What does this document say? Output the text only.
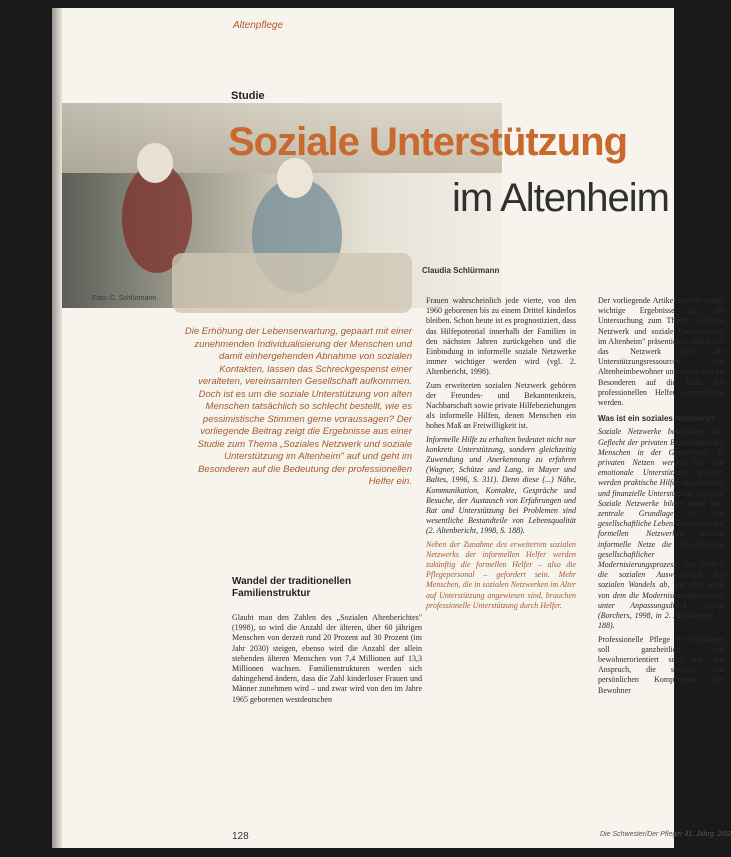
Foto: C. Schlürmann
Altenpflege
Studie
Soziale Unterstützung
im Altenheim
Claudia Schlürmann
Die Erhöhung der Lebenserwartung, gepaart mit einer zunehmenden Individualisierung der Menschen und damit einhergehenden Abnahme von sozialen Kontakten, lassen das Schreckgespenst einer veralteten, vereinsamten Gesellschaft aufkommen. Doch ist es um die soziale Unterstützung von alten Menschen tatsächlich so schlecht bestellt, wie es pessimistische Stimmen gerne voraussagen? Der vorliegende Beitrag zeigt die Ergebnisse aus einer Studie zum Thema „Soziales Netzwerk und soziale Unterstützung im Altenheim" auf und geht im Besonderen auf die Bedeutung der professionellen Helfer ein.
Wandel der traditionellen Familienstruktur

Glaubt man den Zahlen des „Sozialen Altenberichtes" (1998), so wird die Anzahl der älteren, über 60 jährigen Menschen von derzeit rund 20 Prozent auf 30 Prozent (im Jahr 2030) steigen, ebenso wird die Anzahl der allein stehenden älteren Menschen von 7,4 Millionen auf 13,3 Millionen wachsen. Familienstrukturen werden sich dahingehend ändern, dass die Zahl kinderloser Frauen und Männer zunehmen wird – und zwar wird von den im Jahre 1965 geborenen westdeutschen

Frauen wahrscheinlich jede vierte, von den 1960 geborenen bis zu einem Drittel kinderlos bleiben. Schon heute ist es prognostiziert, dass das Hilfepotential innerhalb der Familien in den nächsten Jahren zurückgehen und die Einbindung in informelle soziale Netzwerke immer wichtiger werden wird (vgl. 2. Altenbericht, 1998).

Zum erweiterten sozialen Netzwerk gehören der Freundes- und Bekanntenkreis, Nachbarschaft sowie private Hilfebeziehungen als informelle Hilfen, denen Menschen ein hohes Maß an Freiwilligkeit ist.

Informelle Hilfe zu erhalten bedeutet nicht nur konkrete Unterstützung, sondern gleichzeitig Zuwendung und Anerkennung zu erfahren (Wagner, Schütze und Lang, in Mayer und Baltes, 1996, S. 311). Denn diese (...) Nähe, Kommunikation, Kontakte, Gespräche und Besuche, der Austausch von Erfahrungen und Rat und Unterstützung bei Problemen sind wesentliche Bestandteile von Lebensqualität (2. Altenbericht, 1998, S. 188).

Neben der Zunahme des erweiterten sozialen Netzwerks der informellen Helfer werden zukünftig die formellen Helfer – also die Pflegepersonal – gefordert sein. Mehr Menschen, die in sozialen Netzwerken im Alter auf Unterstützung angewiesen sind, brauchen professionelle Unterstützung durch Helfer.

Der vorliegende Artikel möchte einige wichtige Ergebnisse aus der Untersuchung zum Thema „Soziales Netzwerk und soziale Unterstützung im Altenheim" präsentieren. Dabei soll das Netzwerk auf die Unterstützungsressourcen der Altenheimbewohner untersucht und im Besonderen auf die Rolle der professionellen Helfer eingegangen werden.

Was ist ein soziales Netzwerk?

Soziale Netzwerke beschreiben das Geflecht der privaten Beziehungen der Menschen in der Gesellschaft. In privaten Netzen werden Rat und emotionale Unterstützung gesucht, werden praktische Hilfen ausgetauscht und finanzielle Unterstützung gegeben. Soziale Netzwerke bilden damit eine zentrale Grundlage für das gesellschaftliche Leben. Zusammen mit formellen Netzwerken können informelle Netze die Auswirkungen gesellschaftlicher Modernisierungsprozesse und fördern die sozialen Auswirkungen des sozialen Wandels ab, und aber auch von dem die Modernisierungsprozesse unter Anpassungsdruck gesetzt (Borchers, 1998, in 2. Altenbericht, S. 188).

Professionelle Pflege im Altenheim soll ganzheitlich und bewohnerorientiert sein, auf den Anspruch, die sozialen und persönlichen Kompetenzen der Bewohner

128	Die Schwester/Der Pfleger 41. Jahrg. 2/02
